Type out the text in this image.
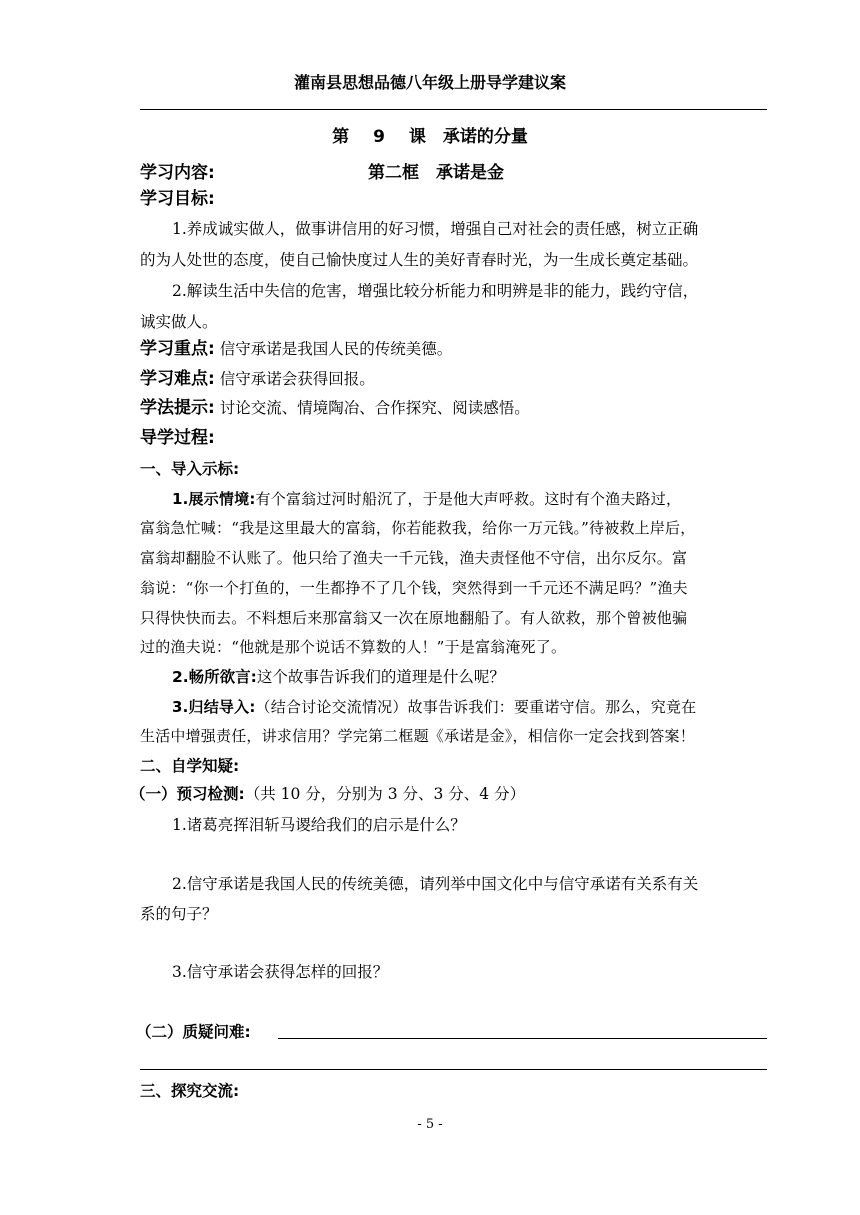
灌南县思想品德八年级上册导学建议案
第 9 课　承诺的分量
学习内容:	第二框　承诺是金
学习目标:
1.养成诚实做人，做事讲信用的好习惯，增强自己对社会的责任感，树立正确
的为人处世的态度，使自己愉快度过人生的美好青春时光，为一生成长奠定基础。
2.解读生活中失信的危害，增强比较分析能力和明辨是非的能力，践约守信，
诚实做人。
学习重点: 信守承诺是我国人民的传统美德。
学习难点: 信守承诺会获得回报。
学法提示: 讨论交流、情境陶冶、合作探究、阅读感悟。
导学过程:
一、导入示标:
1.展示情境:有个富翁过河时船沉了，于是他大声呼救。这时有个渔夫路过，
富翁急忙喊：“我是这里最大的富翁，你若能救我，给你一万元钱。”待被救上岸后，
富翁却翻脸不认账了。他只给了渔夫一千元钱，渔夫责怪他不守信，出尔反尔。富
翁说：“你一个打鱼的，一生都挣不了几个钱，突然得到一千元还不满足吗？”渔夫
只得快快而去。不料想后来那富翁又一次在原地翻船了。有人欲救，那个曾被他骗
过的渔夫说：“他就是那个说话不算数的人！”于是富翁淹死了。
2.畅所欲言:这个故事告诉我们的道理是什么呢？
3.归结导入:（结合讨论交流情况）故事告诉我们：要重诺守信。那么，究竟在
生活中增强责任，讲求信用？学完第二框题《承诺是金》，相信你一定会找到答案！
二、自学知疑:
（一）预习检测:（共 10 分，分别为 3 分、3 分、4 分）
1.诸葛亮挥泪斩马谡给我们的启示是什么？
2.信守承诺是我国人民的传统美德，请列举中国文化中与信守承诺有关系有关
系的句子？
3.信守承诺会获得怎样的回报？
（二）质疑问难:
三、探究交流:
- 5 -
